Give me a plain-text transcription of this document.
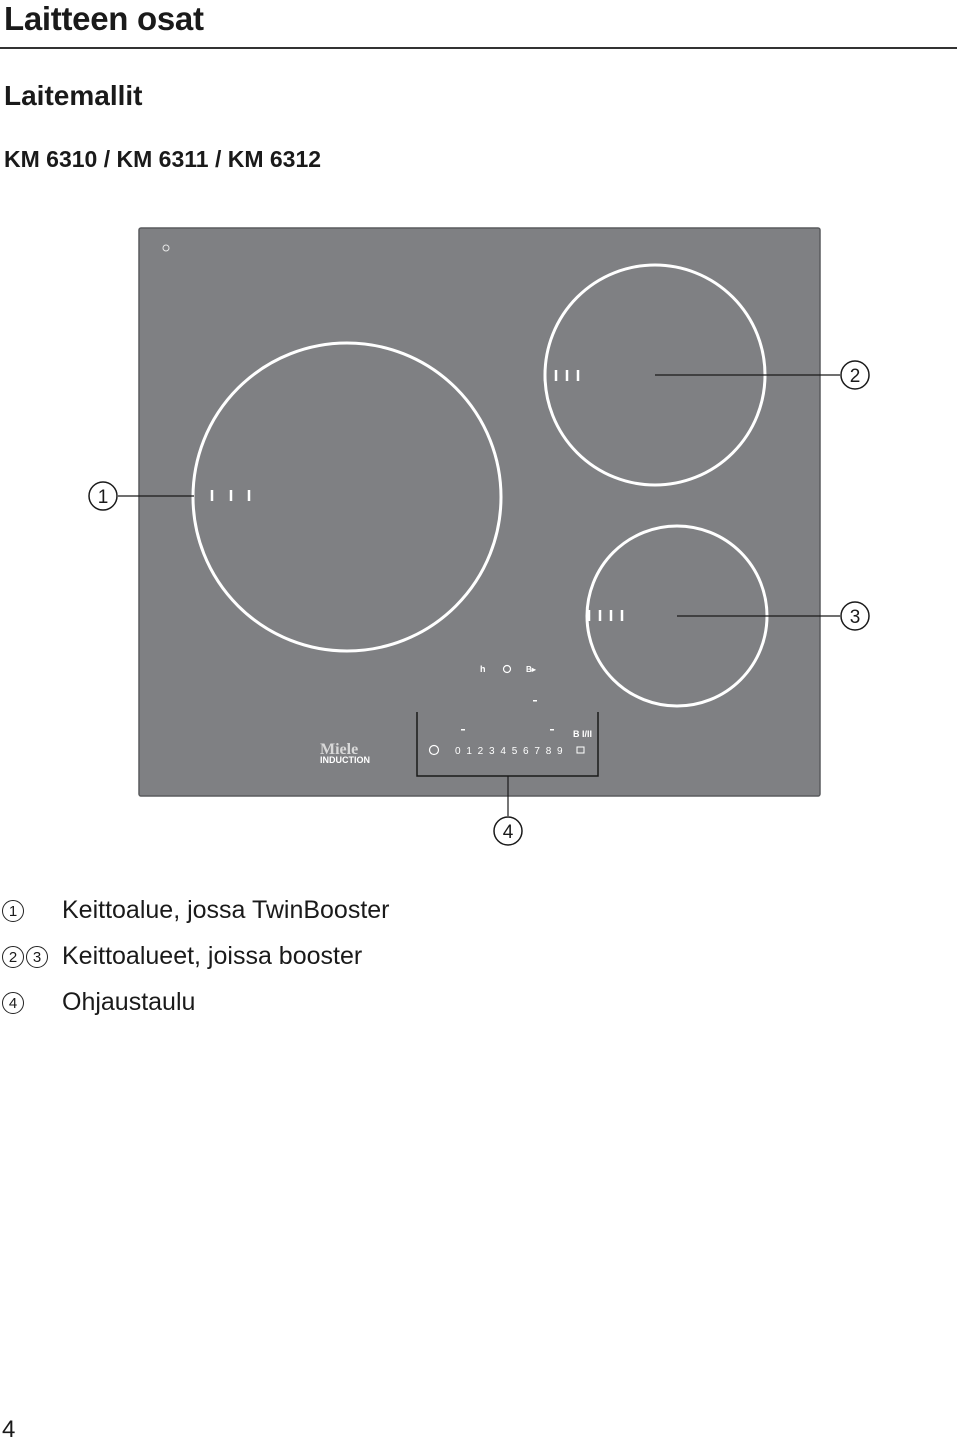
Laitteen osat
Laitemallit
KM 6310 / KM 6311 / KM 6312
h	B▸
0 1 2 3 4 5 6 7 8 9
B I/II
Miele
INDUCTION
1
2
3
4
1 Keittoalue, jossa TwinBooster
2	3 Keittoalueet, joissa booster
4 Ohjaustaulu
4
